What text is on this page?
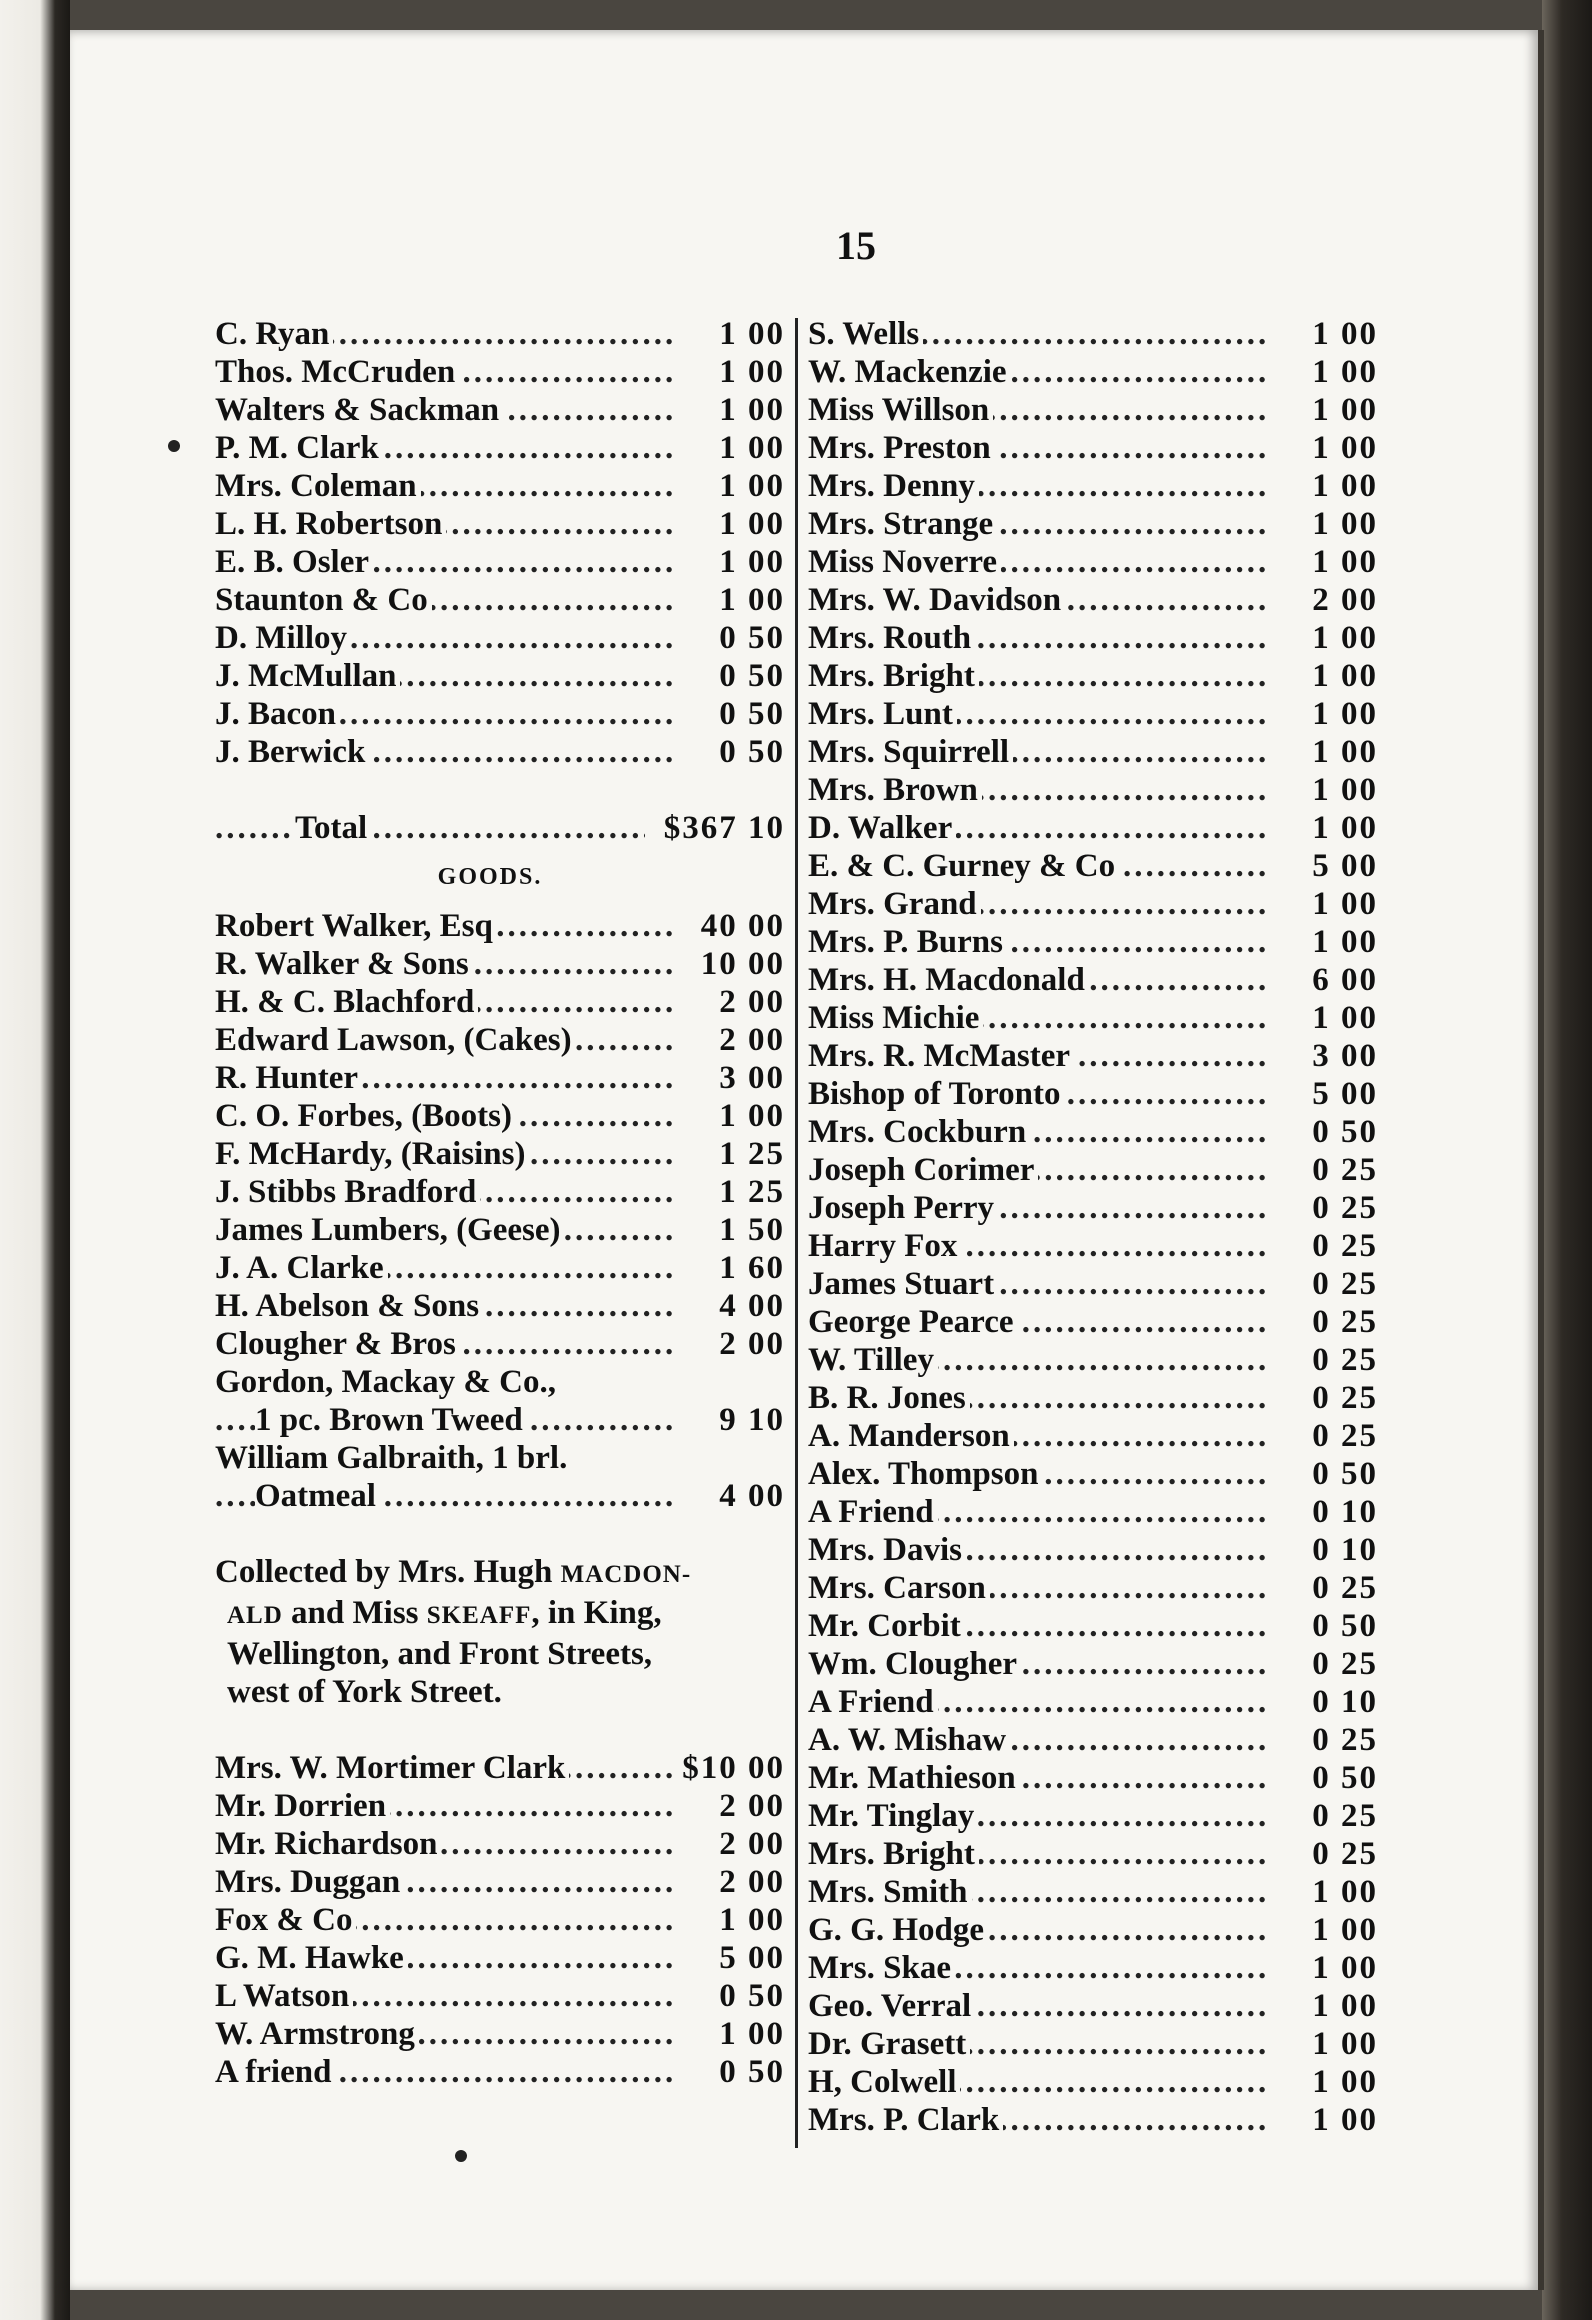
15
.....
C. Ryan	1 00
.....
Thos. McCruden	1 00
.....
Walters & Sackman	1 00
.....
P. M. Clark	1 00
.....
Mrs. Coleman	1 00
.....
L. H. Robertson	1 00
.....
E. B. Osler	1 00
.....
Staunton & Co	1 00
.....
D. Milloy	0 50
.....
J. McMullan	0 50
.....
J. Bacon	0 50
.....
J. Berwick	0 50
.....
Total	$367 10
GOODS.
.....
Robert Walker, Esq	40 00
.....
R. Walker & Sons	10 00
.....
H. & C. Blachford	2 00
.....
Edward Lawson, (Cakes)	2 00
.....
R. Hunter	3 00
.....
C. O. Forbes, (Boots)	1 00
.....
F. McHardy, (Raisins)	1 25
.....
J. Stibbs Bradford	1 25
.....
James Lumbers, (Geese)	1 50
.....
J. A. Clarke	1 60
.....
H. Abelson & Sons	4 00
.....
Clougher & Bros	2 00
Gordon, Mackay & Co.,
.....
1 pc. Brown Tweed	9 10
William Galbraith, 1 brl.
.....
Oatmeal	4 00
Collected by Mrs. Hugh MACDON-
ALD and Miss SKEAFF, in King,
Wellington, and Front Streets,
west of York Street.
.....
Mrs. W. Mortimer Clark	$10 00
.....
Mr. Dorrien	2 00
.....
Mr. Richardson	2 00
.....
Mrs. Duggan	2 00
.....
Fox & Co	1 00
.....
G. M. Hawke	5 00
.....
L Watson	0 50
.....
W. Armstrong	1 00
.....
A friend	0 50
.....
S. Wells	1 00
.....
W. Mackenzie	1 00
.....
Miss Willson	1 00
.....
Mrs. Preston	1 00
.....
Mrs. Denny	1 00
.....
Mrs. Strange	1 00
.....
Miss Noverre	1 00
.....
Mrs. W. Davidson	2 00
.....
Mrs. Routh	1 00
.....
Mrs. Bright	1 00
.....
Mrs. Lunt	1 00
.....
Mrs. Squirrell	1 00
.....
Mrs. Brown	1 00
.....
D. Walker	1 00
.....
E. & C. Gurney & Co	5 00
.....
Mrs. Grand	1 00
.....
Mrs. P. Burns	1 00
.....
Mrs. H. Macdonald	6 00
.....
Miss Michie	1 00
.....
Mrs. R. McMaster	3 00
.....
Bishop of Toronto	5 00
.....
Mrs. Cockburn	0 50
.....
Joseph Corimer	0 25
.....
Joseph Perry	0 25
.....
Harry Fox	0 25
.....
James Stuart	0 25
.....
George Pearce	0 25
.....
W. Tilley	0 25
.....
B. R. Jones	0 25
.....
A. Manderson	0 25
.....
Alex. Thompson	0 50
.....
A Friend	0 10
.....
Mrs. Davis	0 10
.....
Mrs. Carson	0 25
.....
Mr. Corbit	0 50
.....
Wm. Clougher	0 25
.....
A Friend	0 10
.....
A. W. Mishaw	0 25
.....
Mr. Mathieson	0 50
.....
Mr. Tinglay	0 25
.....
Mrs. Bright	0 25
.....
Mrs. Smith	1 00
.....
G. G. Hodge	1 00
.....
Mrs. Skae	1 00
.....
Geo. Verral	1 00
.....
Dr. Grasett	1 00
.....
H, Colwell	1 00
.....
Mrs. P. Clark	1 00
